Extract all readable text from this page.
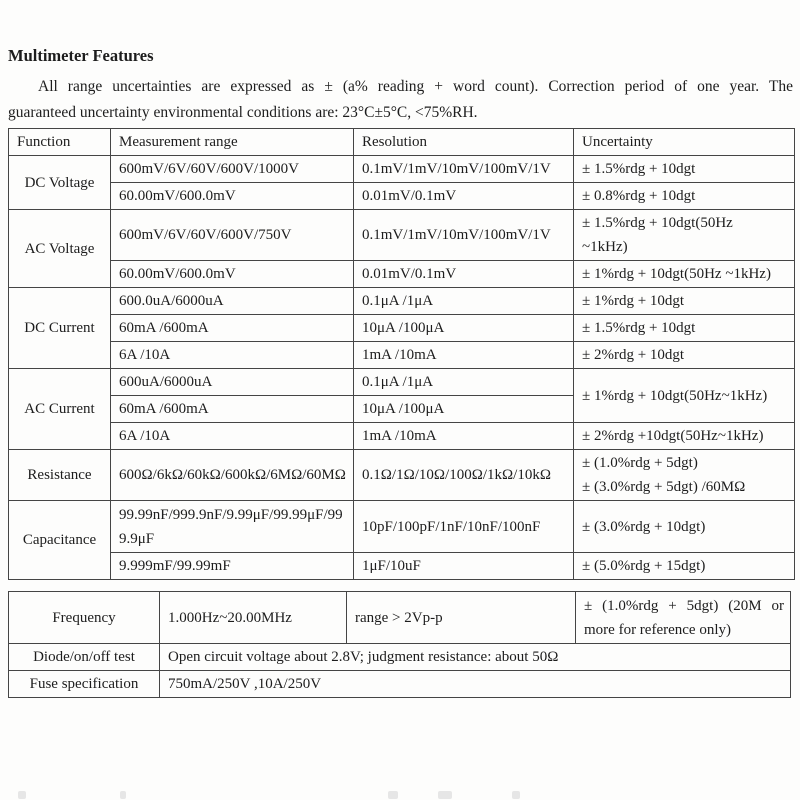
Multimeter Features
All range uncertainties are expressed as ± (a% reading + word count). Correction period of one year. The
guaranteed uncertainty environmental conditions are: 23°C±5°C, <75%RH.
Function	Measurement range	Resolution	Uncertainty
DC Voltage	600mV/6V/60V/600V/1000V	0.1mV/1mV/10mV/100mV/1V	± 1.5%rdg + 10dgt
	60.00mV/600.0mV	0.01mV/0.1mV	± 0.8%rdg + 10dgt
AC Voltage	600mV/6V/60V/600V/750V	0.1mV/1mV/10mV/100mV/1V	± 1.5%rdg + 10dgt(50Hz ~1kHz)
	60.00mV/600.0mV	0.01mV/0.1mV	± 1%rdg + 10dgt(50Hz ~1kHz)
DC Current	600.0uA/6000uA	0.1μA /1μA	± 1%rdg + 10dgt
	60mA /600mA	10μA /100μA	± 1.5%rdg + 10dgt
	6A /10A	1mA /10mA	± 2%rdg + 10dgt
AC Current	600uA/6000uA	0.1μA /1μA	± 1%rdg + 10dgt(50Hz~1kHz)
	60mA /600mA	10μA /100μA	
	6A /10A	1mA /10mA	± 2%rdg +10dgt(50Hz~1kHz)
Resistance	600Ω/6kΩ/60kΩ/600kΩ/6MΩ/60MΩ	0.1Ω/1Ω/10Ω/100Ω/1kΩ/10kΩ	± (1.0%rdg + 5dgt)
± (3.0%rdg + 5dgt) /60MΩ

Capacitance	99.99nF/999.9nF/9.99μF/99.99μF/999.9μF	10pF/100pF/1nF/10nF/100nF	± (3.0%rdg + 10dgt)
	9.999mF/99.99mF	1μF/10uF	± (5.0%rdg + 15dgt)
Frequency	1.000Hz~20.00MHz	range > 2Vp-p	± (1.0%rdg + 5dgt) (20M or more for reference only)
Diode/on/off test	Open circuit voltage about 2.8V; judgment resistance: about 50Ω		
Fuse specification	750mA/250V ,10A/250V		
